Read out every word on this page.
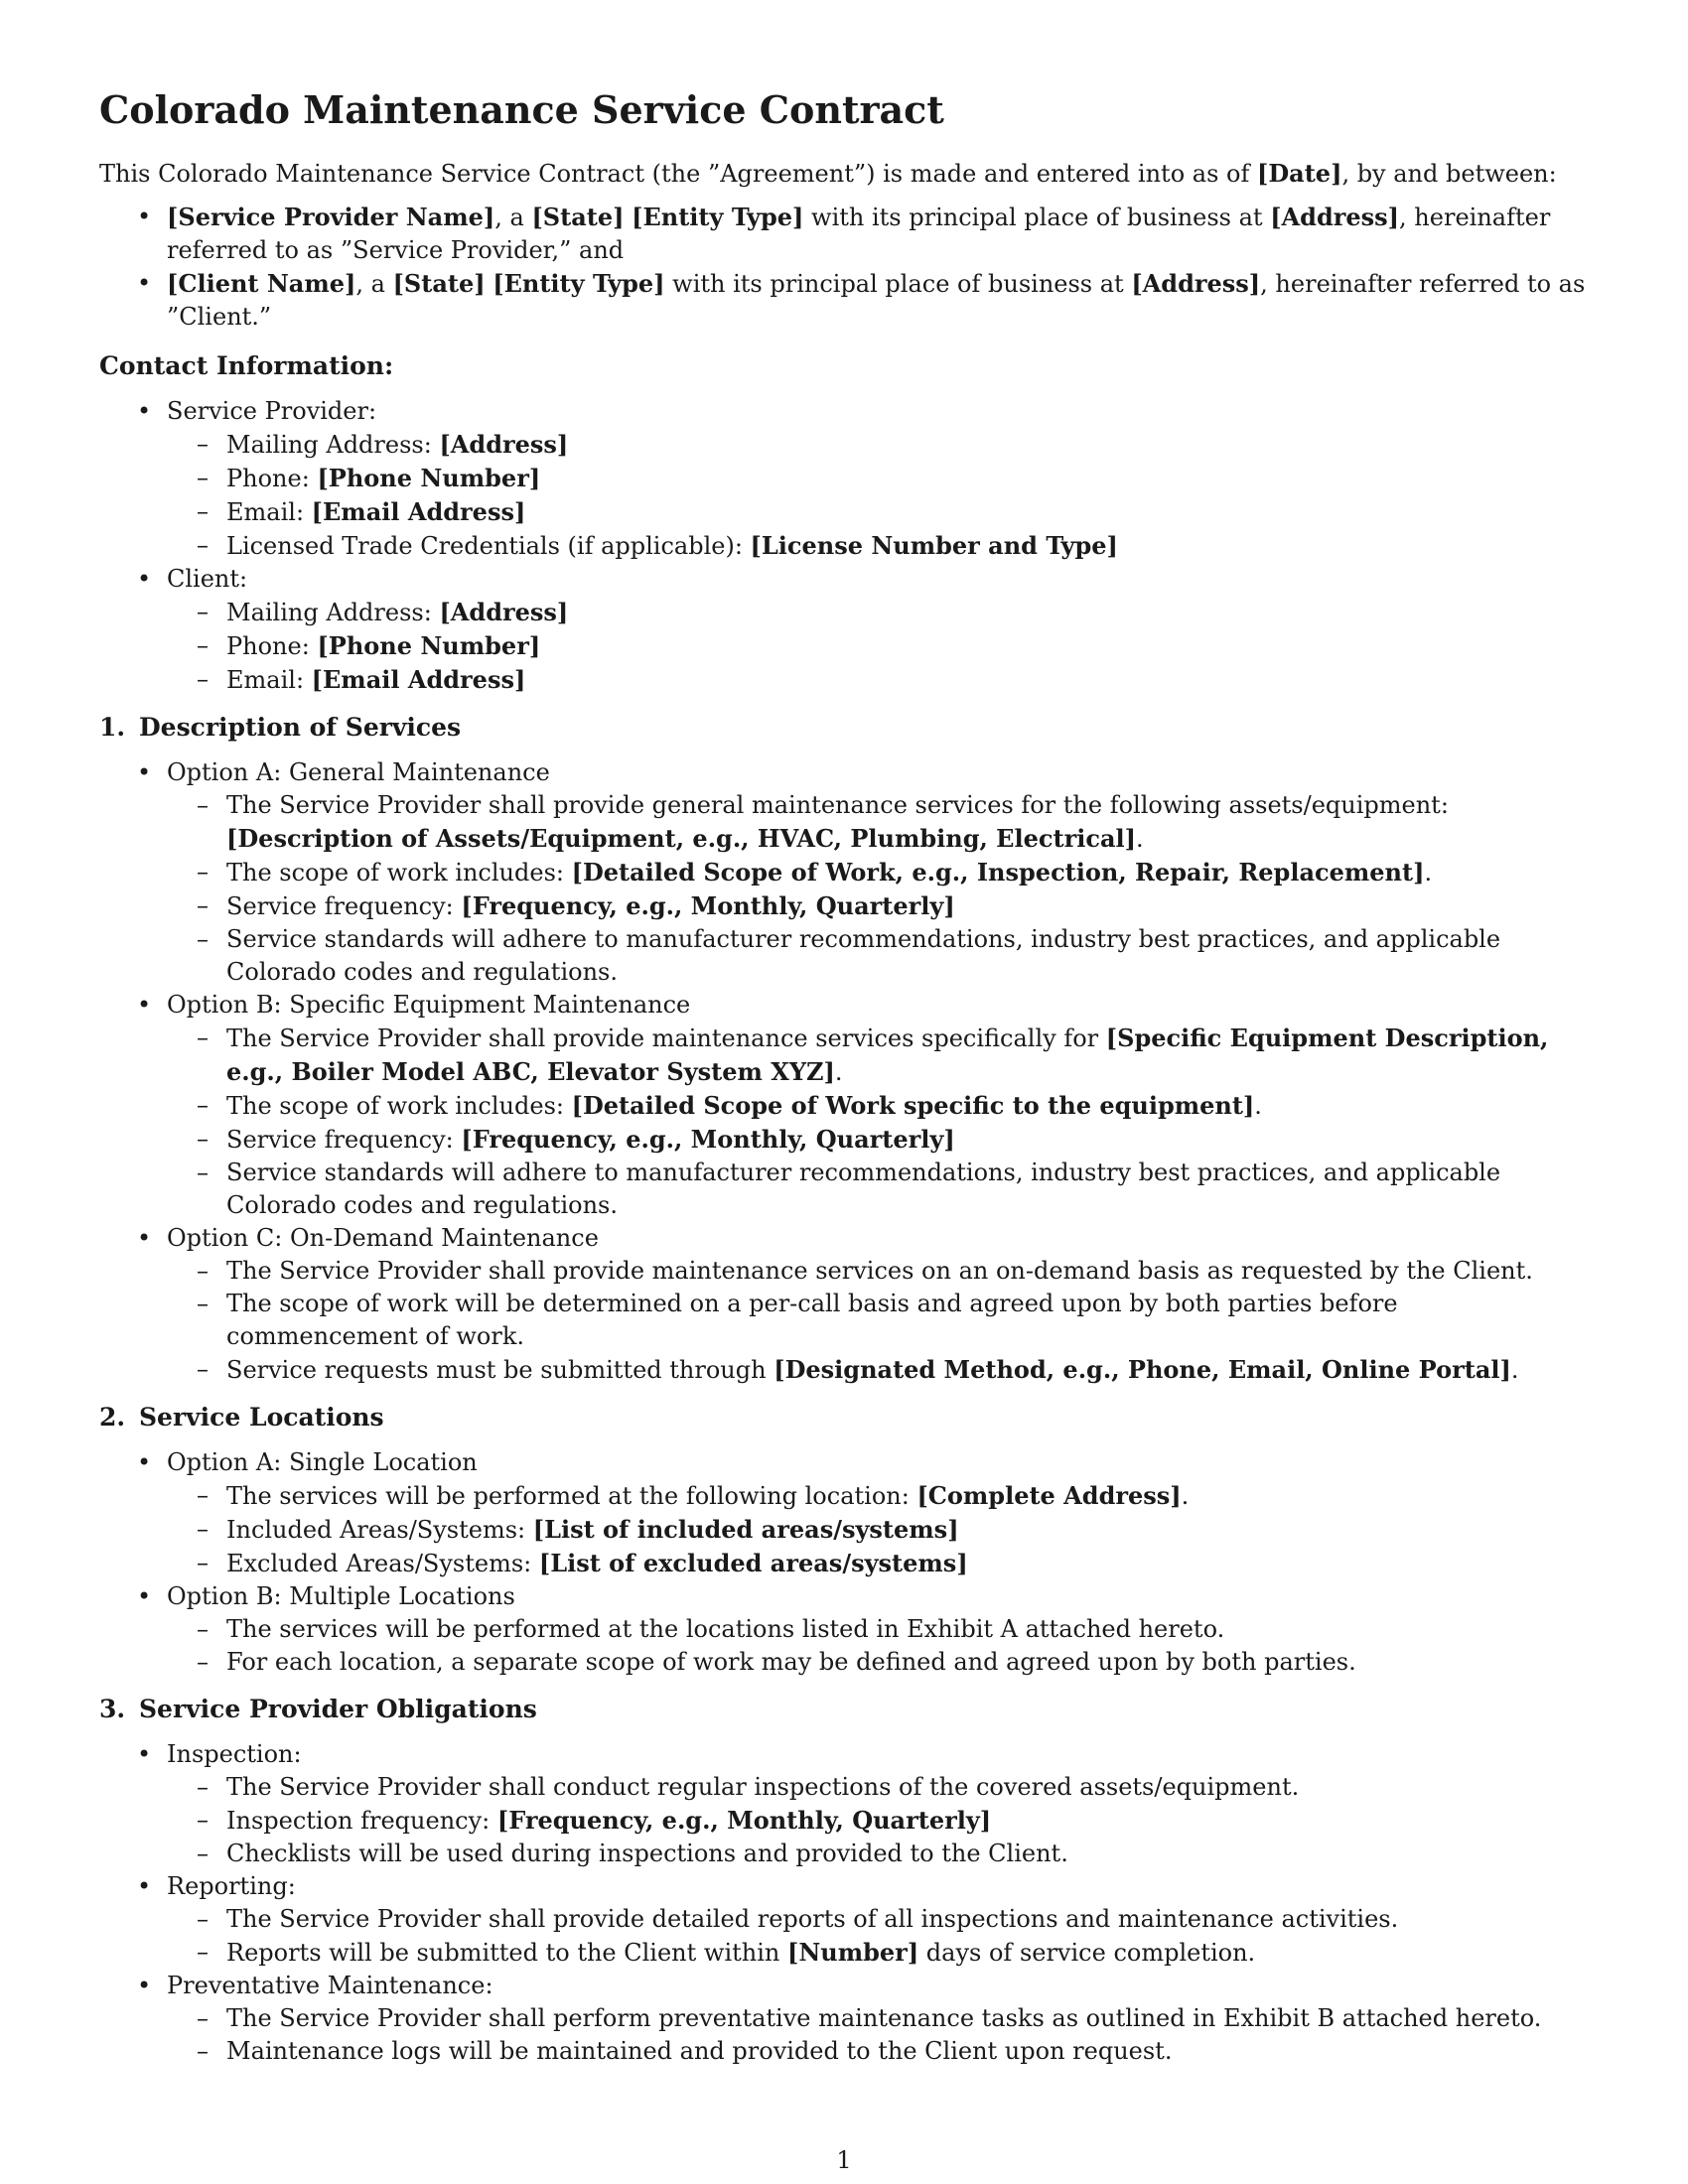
Colorado Maintenance Service Contract

This Colorado Maintenance Service Contract (the ”Agreement”) is made and entered into as of [Date], by and between:

• [Service Provider Name], a [State] [Entity Type] with its principal place of business at [Address], hereinafter referred to as ”Service Provider,” and
• [Client Name], a [State] [Entity Type] with its principal place of business at [Address], hereinafter referred to as ”Client.”
Contact Information:
• Service Provider:
– Mailing Address: [Address]
– Phone: [Phone Number]
– Email: [Email Address]
– Licensed Trade Credentials (if applicable): [License Number and Type]
• Client:
– Mailing Address: [Address]
– Phone: [Phone Number]
– Email: [Email Address]
1. Description of Services
• Option A: General Maintenance
– The Service Provider shall provide general maintenance services for the following assets/equipment: [Description of Assets/Equipment, e.g., HVAC, Plumbing, Electrical].
– The scope of work includes: [Detailed Scope of Work, e.g., Inspection, Repair, Replacement].
– Service frequency: [Frequency, e.g., Monthly, Quarterly]
– Service standards will adhere to manufacturer recommendations, industry best practices, and applicable Colorado codes and regulations.
• Option B: Specific Equipment Maintenance
– The Service Provider shall provide maintenance services specifically for [Specific Equipment Description, e.g., Boiler Model ABC, Elevator System XYZ].
– The scope of work includes: [Detailed Scope of Work specific to the equipment].
– Service frequency: [Frequency, e.g., Monthly, Quarterly]
– Service standards will adhere to manufacturer recommendations, industry best practices, and applicable Colorado codes and regulations.
• Option C: On-Demand Maintenance
– The Service Provider shall provide maintenance services on an on-demand basis as requested by the Client.
– The scope of work will be determined on a per-call basis and agreed upon by both parties before commencement of work.
– Service requests must be submitted through [Designated Method, e.g., Phone, Email, Online Portal].
2. Service Locations
• Option A: Single Location
– The services will be performed at the following location: [Complete Address].
– Included Areas/Systems: [List of included areas/systems]
– Excluded Areas/Systems: [List of excluded areas/systems]
• Option B: Multiple Locations
– The services will be performed at the locations listed in Exhibit A attached hereto.
– For each location, a separate scope of work may be defined and agreed upon by both parties.
3. Service Provider Obligations
• Inspection:
– The Service Provider shall conduct regular inspections of the covered assets/equipment.
– Inspection frequency: [Frequency, e.g., Monthly, Quarterly]
– Checklists will be used during inspections and provided to the Client.
• Reporting:
– The Service Provider shall provide detailed reports of all inspections and maintenance activities.
– Reports will be submitted to the Client within [Number] days of service completion.
• Preventative Maintenance:
– The Service Provider shall perform preventative maintenance tasks as outlined in Exhibit B attached hereto.
– Maintenance logs will be maintained and provided to the Client upon request.
1
